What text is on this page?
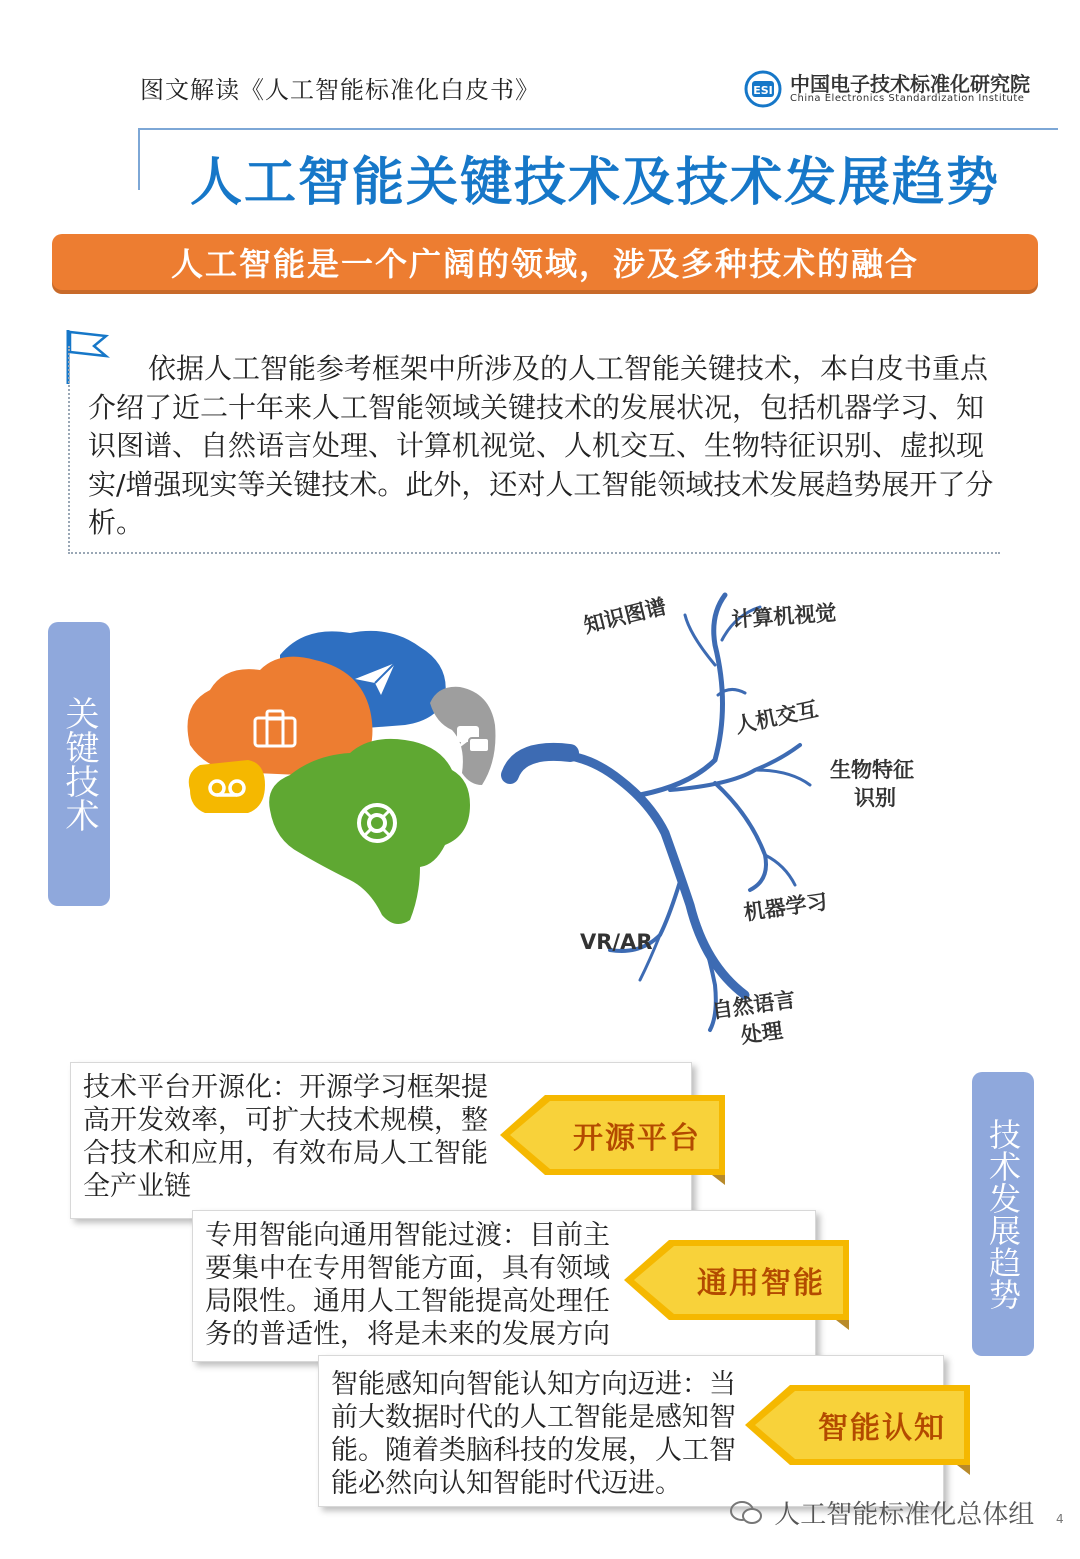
图文解读《人工智能标准化白皮书》	ESI 中国电子技术标准化研究院
China Electronics Standardization Institute
人工智能关键技术及技术发展趋势
人工智能是一个广阔的领域，涉及多种技术的融合

依据人工智能参考框架中所涉及的人工智能关键技术，本白皮书重点介绍了近二十年来人工智能领域关键技术的发展状况，包括机器学习、知识图谱、自然语言处理、计算机视觉、人机交互、生物特征识别、虚拟现实/增强现实等关键技术。此外，还对人工智能领域技术发展趋势展开了分析。

关键技术
知识图谱	计算机视觉
人机交互
生物特征
识别
机器学习
VR/AR
自然语言
处理

技术平台开源化：开源学习框架提高开发效率，可扩大技术规模，整合技术和应用，有效布局人工智能全产业链

专用智能向通用智能过渡：目前主要集中在专用智能方面，具有领域局限性。通用人工智能提高处理任务的普适性，将是未来的发展方向

智能感知向智能认知方向迈进：当前大数据时代的人工智能是感知智能。随着类脑科技的发展，人工智能必然向认知智能时代迈进。

开源平台
通用智能
智能认知
技术发展趋势
人工智能标准化总体组 4
